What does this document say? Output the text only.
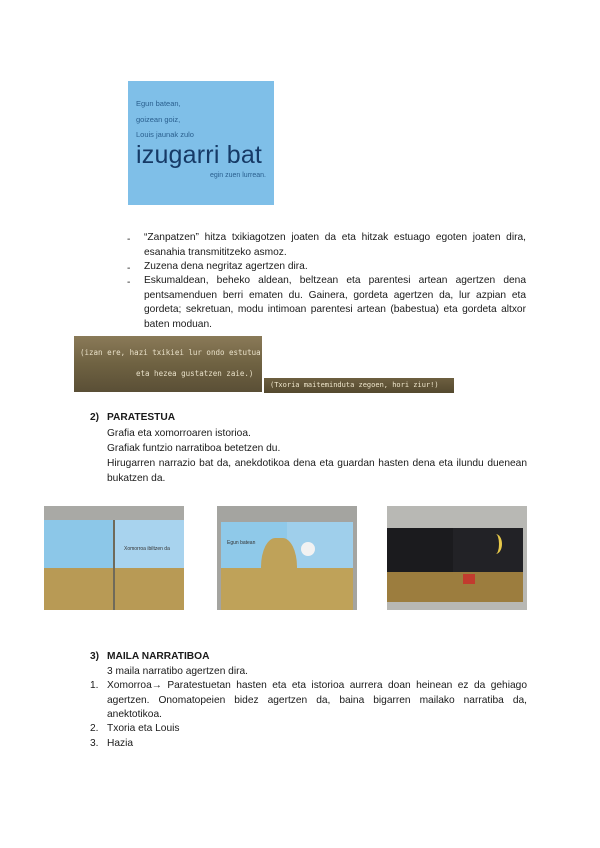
Egun batean,
goizean goiz,
Louis jaunak zulo
izugarri bat
egin zuen lurrean.
- “Zanpatzen” hitza txikiagotzen joaten da eta hitzak estuago egoten joaten dira, esanahia transmititzeko asmoz.
- Zuzena dena negritaz agertzen dira.
- Eskumaldean, beheko aldean, beltzean eta parentesi artean agertzen dena pentsamenduen berri ematen du. Gainera, gordeta agertzen da, lur azpian eta gordeta; sekretuan, modu intimoan parentesi artean (babestua) eta gordeta altxor baten moduan.
(izan ere, hazi txikiei lur ondo estutua
eta hezea gustatzen zaie.)
(Txoria maiteminduta zegoen, hori ziur!)
2) PARATESTUA
Grafia eta xomorroaren istorioa.
Grafiak funtzio narratiboa betetzen du.
Hirugarren narrazio bat da, anekdotikoa dena eta guardan hasten dena eta ilundu duenean bukatzen da.
Xomorroa ibiltzen da
Egun batean
3) MAILA NARRATIBOA
3 maila narratibo agertzen dira.
1. Xomorroa→ Paratestuetan hasten eta eta istorioa aurrera doan heinean ez da gehiago agertzen. Onomatopeien bidez agertzen da, baina bigarren mailako narratiba da, anektotikoa.
2. Txoria eta Louis
3. Hazia
